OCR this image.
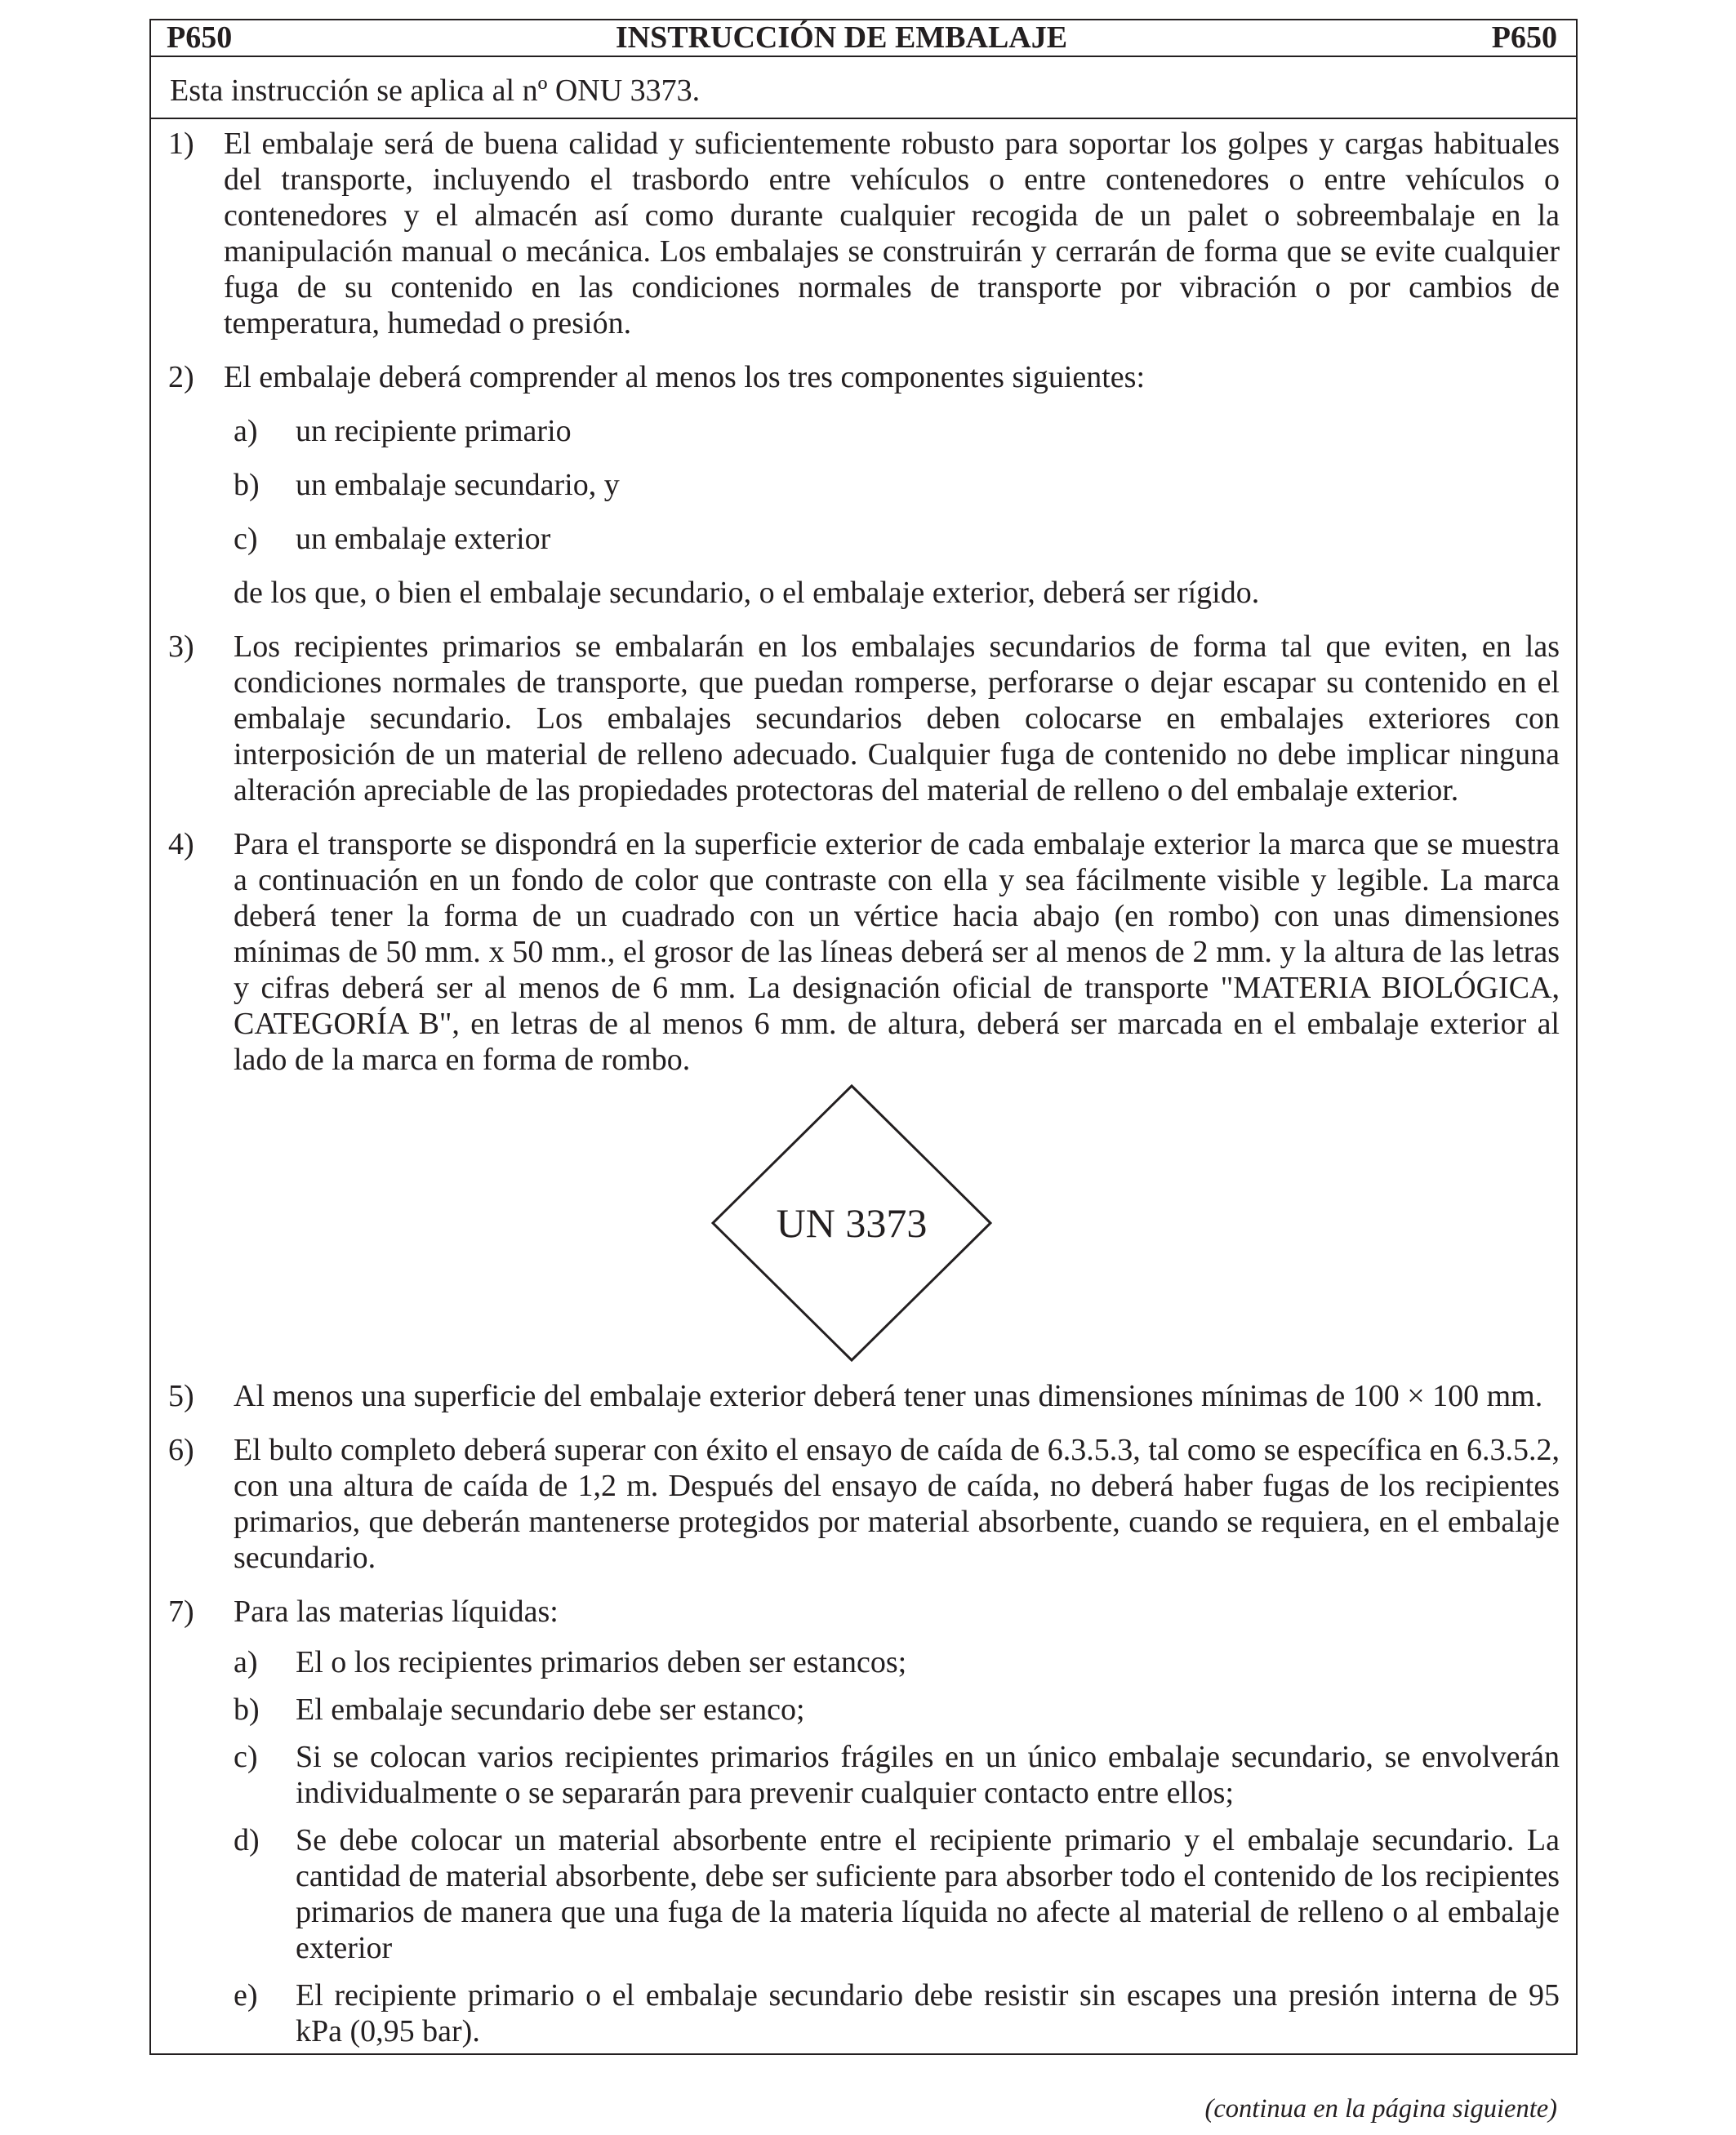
P650	INSTRUCCIÓN DE EMBALAJE	P650
Esta instrucción se aplica al nº ONU 3373.
1) El embalaje será de buena calidad y suficientemente robusto para soportar los golpes y cargas habituales del transporte, incluyendo el trasbordo entre vehículos o entre contenedores o entre vehículos o contenedores y el almacén así como durante cualquier recogida de un palet o sobreembalaje en la manipulación manual o mecánica. Los embalajes se construirán y cerrarán de forma que se evite cualquier fuga de su contenido en las condiciones normales de transporte por vibración o por cambios de temperatura, humedad o presión.
2) El embalaje deberá comprender al menos los tres componentes siguientes:
a) un recipiente primario
b) un embalaje secundario, y
c) un embalaje exterior
de los que, o bien el embalaje secundario, o el embalaje exterior, deberá ser rígido.
3) Los recipientes primarios se embalarán en los embalajes secundarios de forma tal que eviten, en las condiciones normales de transporte, que puedan romperse, perforarse o dejar escapar su contenido en el embalaje secundario. Los embalajes secundarios deben colocarse en embalajes exteriores con interposición de un material de relleno adecuado. Cualquier fuga de contenido no debe implicar ninguna alteración apreciable de las propiedades protectoras del material de relleno o del embalaje exterior.
4) Para el transporte se dispondrá en la superficie exterior de cada embalaje exterior la marca que se muestra a continuación en un fondo de color que contraste con ella y sea fácilmente visible y legible. La marca deberá tener la forma de un cuadrado con un vértice hacia abajo (en rombo) con unas dimensiones mínimas de 50 mm. x 50 mm., el grosor de las líneas deberá ser al menos de 2 mm. y la altura de las letras y cifras deberá ser al menos de 6 mm. La designación oficial de transporte "MATERIA BIOLÓGICA, CATEGORÍA B", en letras de al menos 6 mm. de altura, deberá ser marcada en el embalaje exterior al lado de la marca en forma de rombo.
UN 3373
5) Al menos una superficie del embalaje exterior deberá tener unas dimensiones mínimas de 100 × 100 mm.
6) El bulto completo deberá superar con éxito el ensayo de caída de 6.3.5.3, tal como se específica en 6.3.5.2, con una altura de caída de 1,2 m. Después del ensayo de caída, no deberá haber fugas de los recipientes primarios, que deberán mantenerse protegidos por material absorbente, cuando se requiera, en el embalaje secundario.
7) Para las materias líquidas:
a) El o los recipientes primarios deben ser estancos;
b) El embalaje secundario debe ser estanco;
c) Si se colocan varios recipientes primarios frágiles en un único embalaje secundario, se envolverán individualmente o se separarán para prevenir cualquier contacto entre ellos;
d) Se debe colocar un material absorbente entre el recipiente primario y el embalaje secundario. La cantidad de material absorbente, debe ser suficiente para absorber todo el contenido de los recipientes primarios de manera que una fuga de la materia líquida no afecte al material de relleno o al embalaje exterior
e) El recipiente primario o el embalaje secundario debe resistir sin escapes una presión interna de 95 kPa (0,95 bar).
(continua en la página siguiente)
